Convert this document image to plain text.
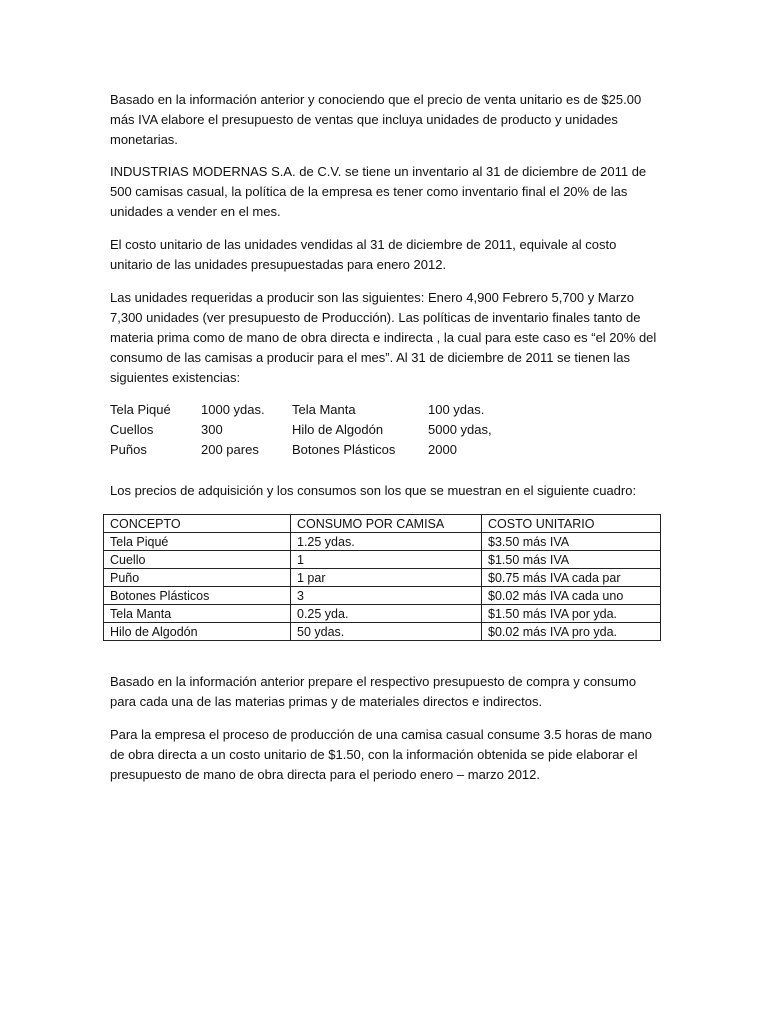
Basado en la información anterior y conociendo que el precio de venta unitario es de $25.00 más IVA elabore el presupuesto de ventas que incluya unidades de producto y unidades monetarias.

INDUSTRIAS MODERNAS S.A. de C.V. se tiene un inventario al 31 de diciembre de 2011 de 500 camisas casual, la política de la empresa es tener como inventario final el 20% de las unidades a vender en el mes.

El costo unitario de las unidades vendidas al 31 de diciembre de 2011, equivale al costo unitario de las unidades presupuestadas para enero 2012.

Las unidades requeridas a producir son las siguientes: Enero 4,900 Febrero 5,700 y Marzo 7,300 unidades (ver presupuesto de Producción). Las políticas de inventario finales tanto de materia prima como de mano de obra directa e indirecta , la cual para este caso es “el 20% del consumo de las camisas a producir para el mes”. Al 31 de diciembre de 2011 se tienen las siguientes existencias:

Tela Piqué 1000 ydas. Tela Manta	100 ydas.
Cuellos	300	Hilo de Algodón	5000 ydas,
Puños	200 pares	Botones Plásticos	2000

Los precios de adquisición y los consumos son los que se muestran en el siguiente cuadro:

CONCEPTO	CONSUMO POR CAMISA	COSTO UNITARIO
Tela Piqué	1.25 ydas.	$3.50 más IVA
Cuello	1	$1.50 más IVA
Puño	1 par	$0.75 más IVA cada par
Botones Plásticos	3	$0.02 más IVA cada uno
Tela Manta	0.25 yda.	$1.50 más IVA por yda.
Hilo de Algodón	50 ydas.	$0.02 más IVA pro yda.

Basado en la información anterior prepare el respectivo presupuesto de compra y consumo para cada una de las materias primas y de materiales directos e indirectos.

Para la empresa el proceso de producción de una camisa casual consume 3.5 horas de mano de obra directa a un costo unitario de $1.50, con la información obtenida se pide elaborar el presupuesto de mano de obra directa para el periodo enero – marzo 2012.
